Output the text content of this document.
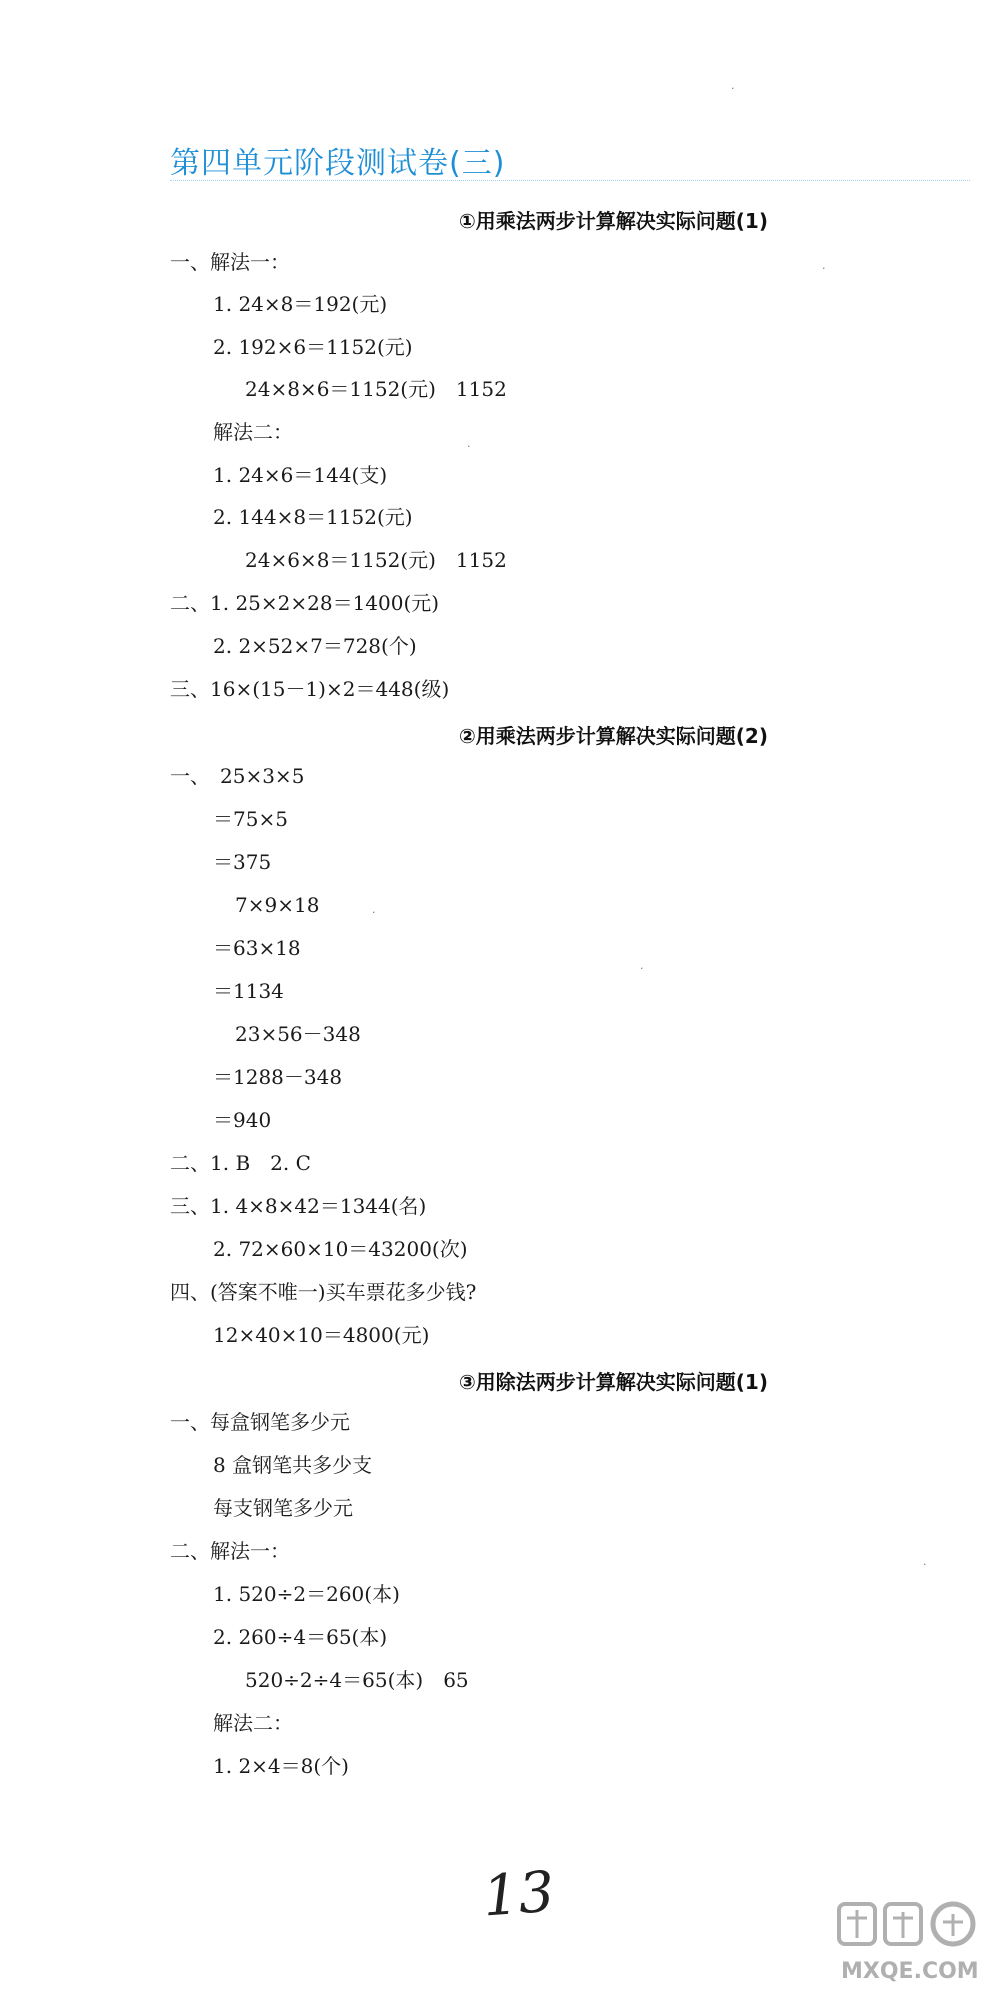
第四单元阶段测试卷(三)
①用乘法两步计算解决实际问题(1)
一、解法一：
1. 24×8＝192(元)
2. 192×6＝1152(元)
24×8×6＝1152(元)　1152
解法二：
1. 24×6＝144(支)
2. 144×8＝1152(元)
24×6×8＝1152(元)　1152
二、1. 25×2×28＝1400(元)
2. 2×52×7＝728(个)
三、16×(15－1)×2＝448(级)
②用乘法两步计算解决实际问题(2)
一、　25×3×5
＝75×5
＝375
7×9×18
＝63×18
＝1134
23×56－348
＝1288－348
＝940
二、1. B　2. C
三、1. 4×8×42＝1344(名)
2. 72×60×10＝43200(次)
四、(答案不唯一)买车票花多少钱?
12×40×10＝4800(元)
③用除法两步计算解决实际问题(1)
一、每盒钢笔多少元
8 盒钢笔共多少支
每支钢笔多少元
二、解法一：
1. 520÷2＝260(本)
2. 260÷4＝65(本)
520÷2÷4＝65(本)　65
解法二：
1. 2×4＝8(个)
·
·
·
·
·
·
13
MXQE.COM
